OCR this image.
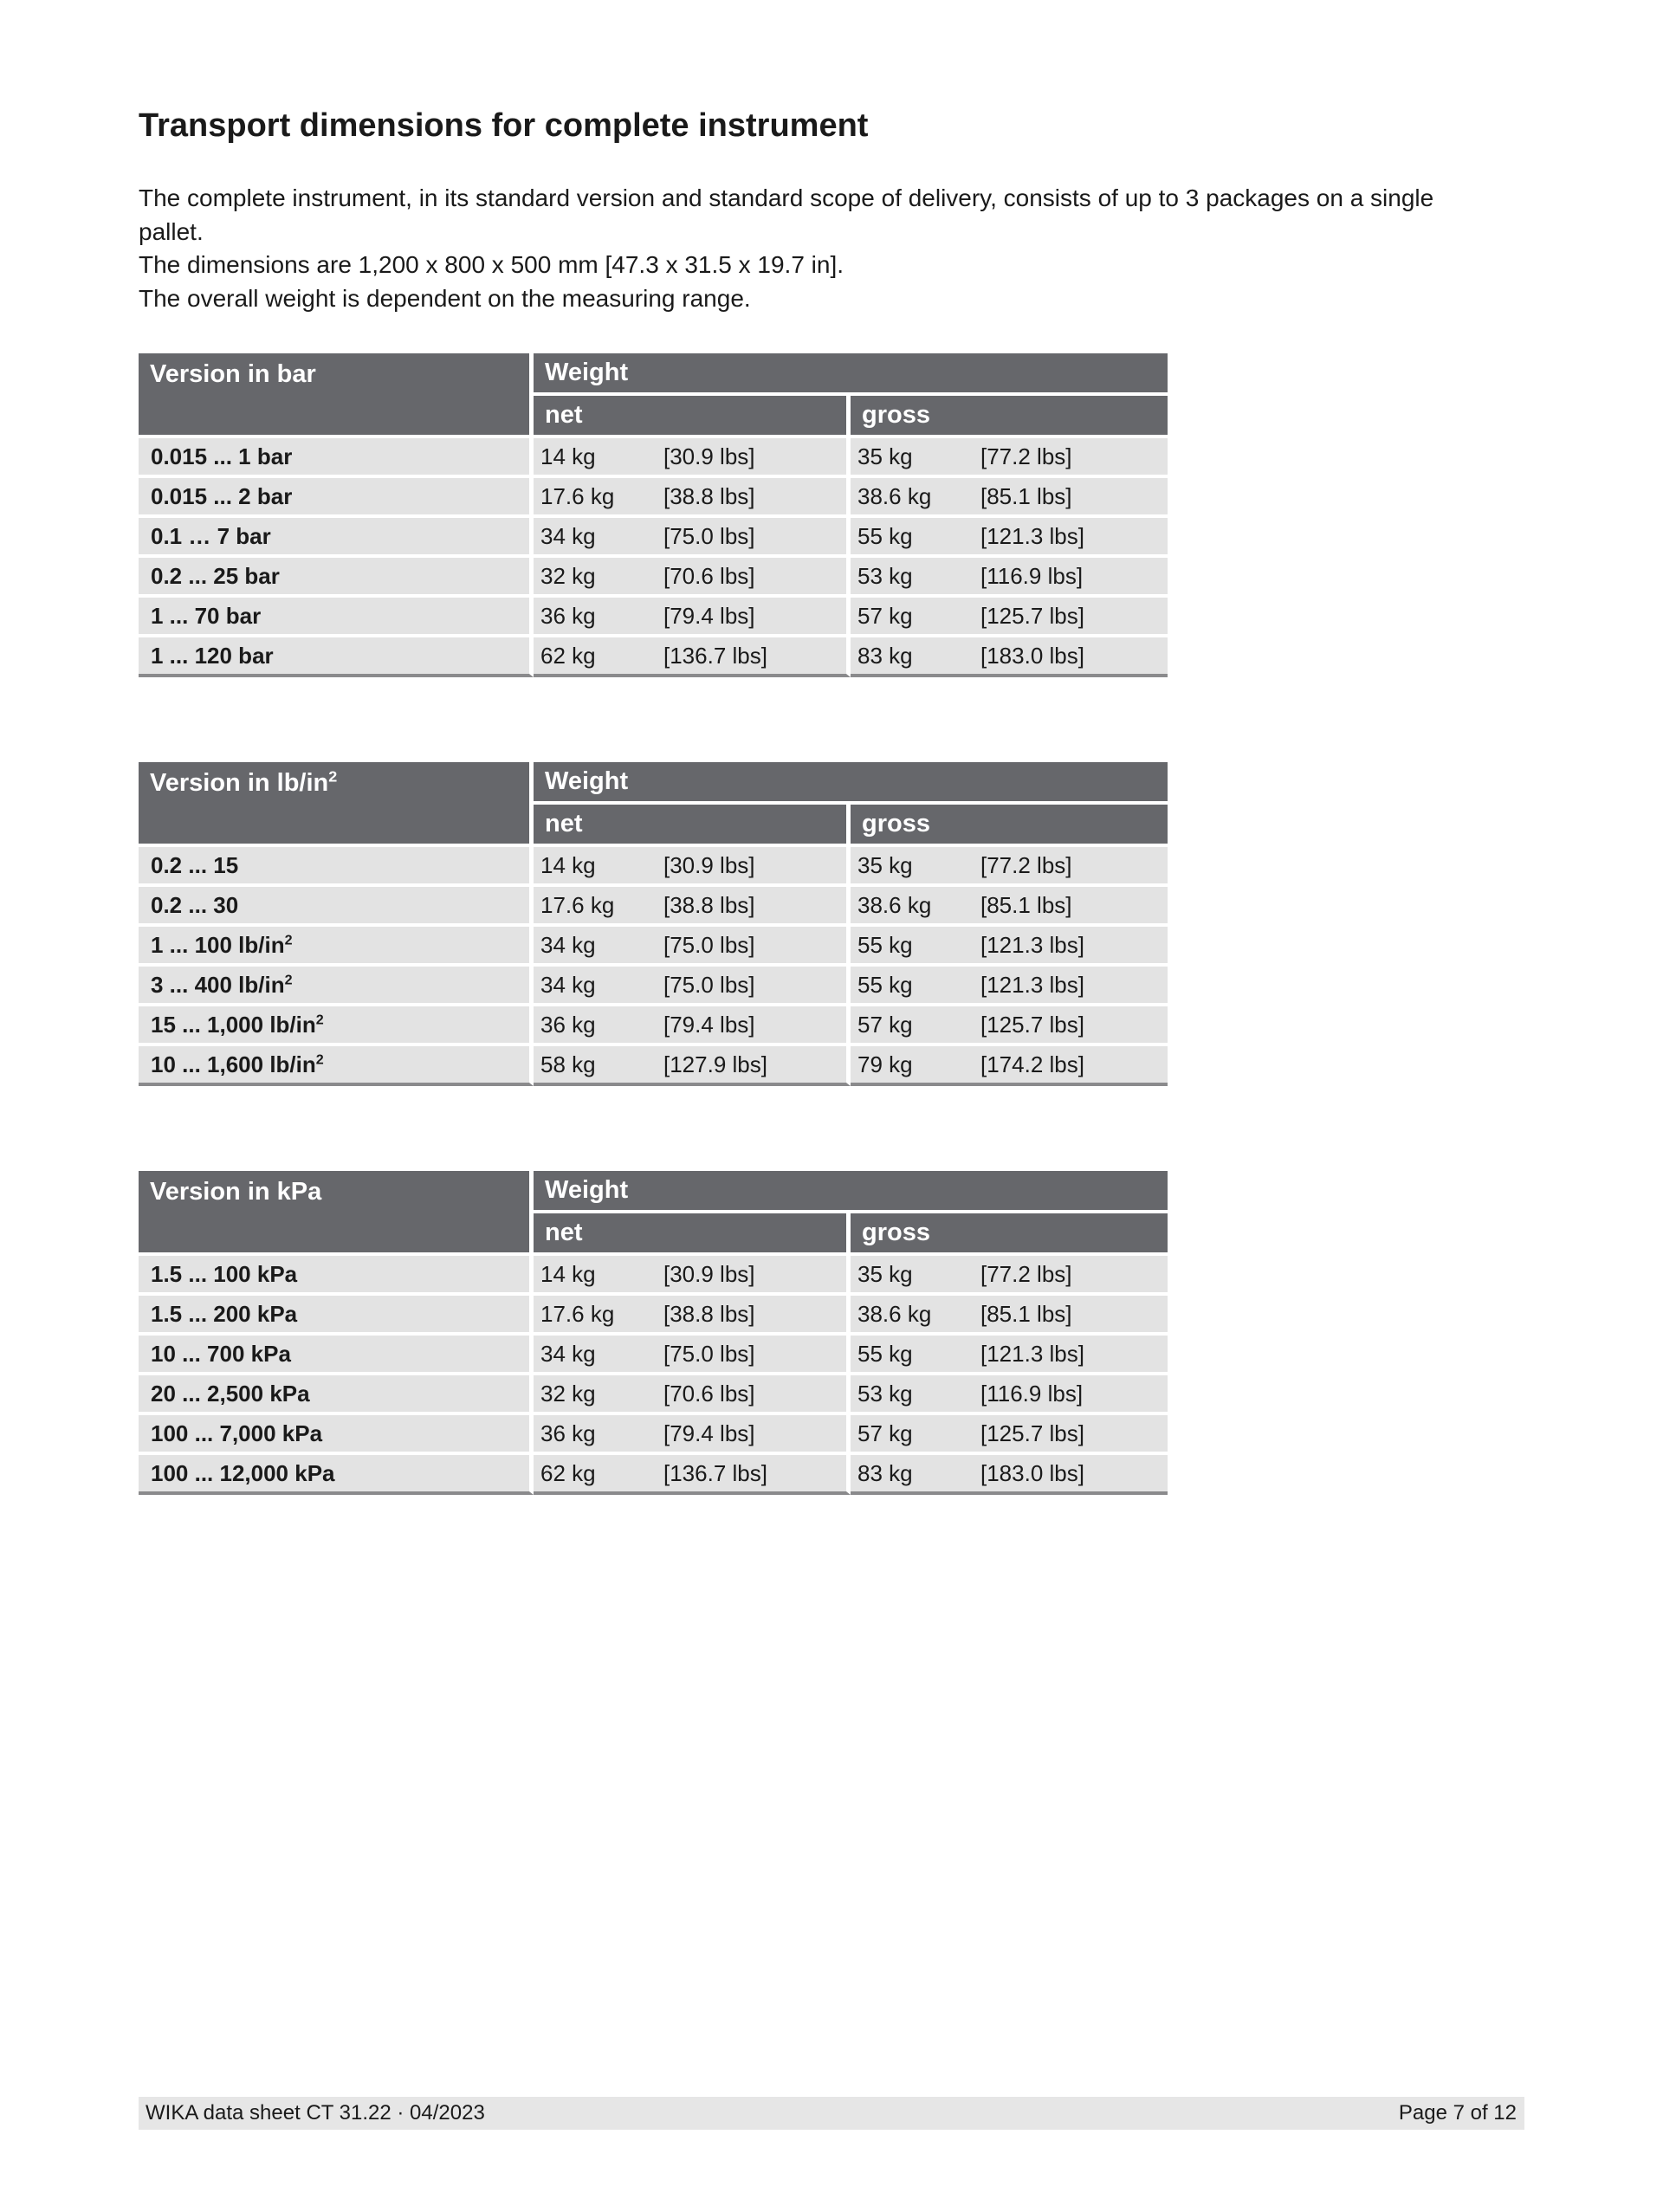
Transport dimensions for complete instrument

The complete instrument, in its standard version and standard scope of delivery, consists of up to 3 packages on a single pallet.

The dimensions are 1,200 x 800 x 500 mm [47.3 x 31.5 x 19.7 in].

The overall weight is dependent on the measuring range.

Version in bar	Weight			
	net		gross	
0.015 ... 1 bar	14 kg	[30.9 lbs]	35 kg	[77.2 lbs]
0.015 ... 2 bar	17.6 kg	[38.8 lbs]	38.6 kg	[85.1 lbs]
0.1 … 7 bar	34 kg	[75.0 lbs]	55 kg	[121.3 lbs]
0.2 ... 25 bar	32 kg	[70.6 lbs]	53 kg	[116.9 lbs]
1 ... 70 bar	36 kg	[79.4 lbs]	57 kg	[125.7 lbs]
1 ... 120 bar	62 kg	[136.7 lbs]	83 kg	[183.0 lbs]
Version in $lb/in^2$	Weight			
	net		gross	
0.2 ... 15	14 kg	[30.9 lbs]	35 kg	[77.2 lbs]
0.2 ... 30	17.6 kg	[38.8 lbs]	38.6 kg	[85.1 lbs]
1 ... 100 $lb/in^2$	34 kg	[75.0 lbs]	55 kg	[121.3 lbs]
3 ... 400 $lb/in^2$	34 kg	[75.0 lbs]	55 kg	[121.3 lbs]
15 ... 1,000 $lb/in^2$	36 kg	[79.4 lbs]	57 kg	[125.7 lbs]
10 ... 1,600 $lb/in^2$	58 kg	[127.9 lbs]	79 kg	[174.2 lbs]
Version in kPa	Weight			
	net		gross	
1.5 ... 100 kPa	14 kg	[30.9 lbs]	35 kg	[77.2 lbs]
1.5 ... 200 kPa	17.6 kg	[38.8 lbs]	38.6 kg	[85.1 lbs]
10 ... 700 kPa	34 kg	[75.0 lbs]	55 kg	[121.3 lbs]
20 ... 2,500 kPa	32 kg	[70.6 lbs]	53 kg	[116.9 lbs]
100 ... 7,000 kPa	36 kg	[79.4 lbs]	57 kg	[125.7 lbs]
100 ... 12,000 kPa	62 kg	[136.7 lbs]	83 kg	[183.0 lbs]
WIKA data sheet CT 31.22 · 04/2023	Page 7 of 12
